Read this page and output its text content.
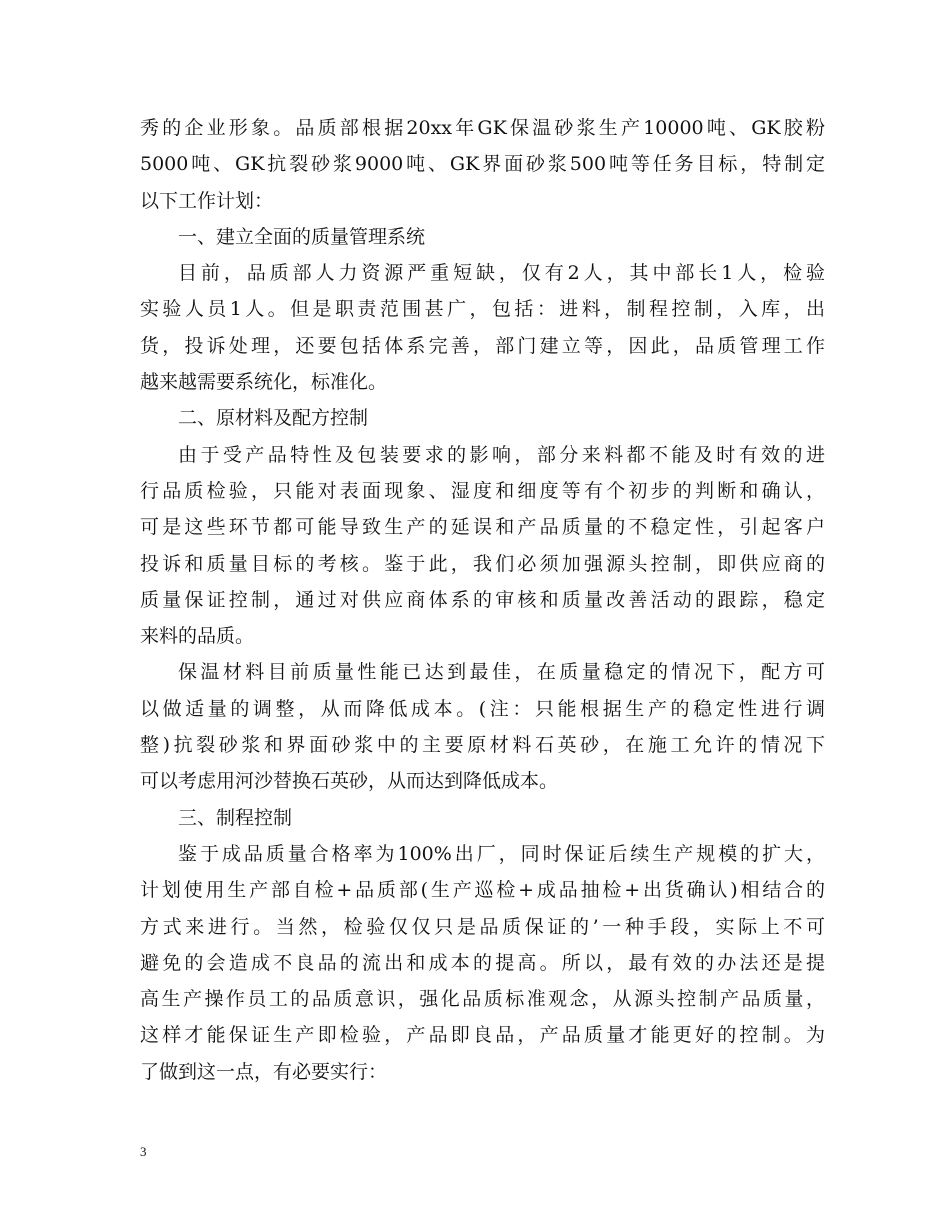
秀的企业形象。品质部根据20xx年GK保温砂浆生产10000吨、GK胶粉
5000吨、GK抗裂砂浆9000吨、GK界面砂浆500吨等任务目标，特制定
以下工作计划：
一、建立全面的质量管理系统
目前，品质部人力资源严重短缺，仅有2人，其中部长1人，检验
实验人员1人。但是职责范围甚广，包括：进料，制程控制，入库，出
货，投诉处理，还要包括体系完善，部门建立等，因此，品质管理工作
越来越需要系统化，标准化。
二、原材料及配方控制
由于受产品特性及包装要求的影响，部分来料都不能及时有效的进
行品质检验，只能对表面现象、湿度和细度等有个初步的判断和确认，
可是这些环节都可能导致生产的延误和产品质量的不稳定性，引起客户
投诉和质量目标的考核。鉴于此，我们必须加强源头控制，即供应商的
质量保证控制，通过对供应商体系的审核和质量改善活动的跟踪，稳定
来料的品质。
保温材料目前质量性能已达到最佳，在质量稳定的情况下，配方可
以做适量的调整，从而降低成本。(注：只能根据生产的稳定性进行调
整)抗裂砂浆和界面砂浆中的主要原材料石英砂，在施工允许的情况下
可以考虑用河沙替换石英砂，从而达到降低成本。
三、制程控制
鉴于成品质量合格率为100%出厂，同时保证后续生产规模的扩大，
计划使用生产部自检+品质部(生产巡检+成品抽检+出货确认)相结合的
方式来进行。当然，检验仅仅只是品质保证的’一种手段，实际上不可
避免的会造成不良品的流出和成本的提高。所以，最有效的办法还是提
高生产操作员工的品质意识，强化品质标准观念，从源头控制产品质量，
这样才能保证生产即检验，产品即良品，产品质量才能更好的控制。为
了做到这一点，有必要实行：
3
